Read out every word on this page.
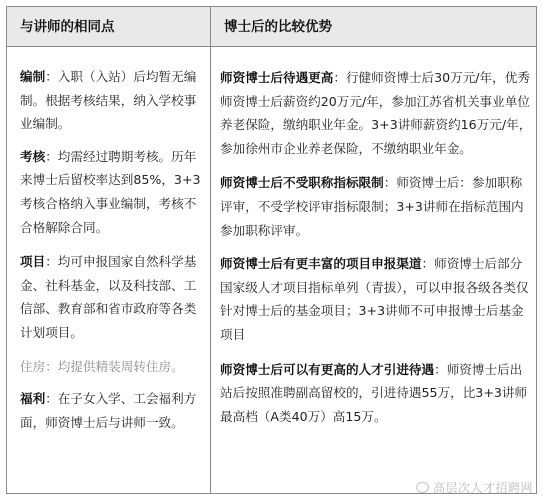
与讲师的相同点	博士后的比较优势

编制：入职（入站）后均暂无编制。根据考核结果，纳入学校事业编制。

考核：均需经过聘期考核。历年来博士后留校率达到85%，3+3考核合格纳入事业编制，考核不合格解除合同。

项目：均可申报国家自然科学基金、社科基金，以及科技部、工信部、教育部和省市政府等各类计划项目。

住房：均提供精装周转住房。

福利：在子女入学、工会福利方面，师资博士后与讲师一致。

师资博士后待遇更高：行健师资博士后30万元/年，优秀师资博士后薪资约20万元/年，参加江苏省机关事业单位养老保险，缴纳职业年金。3+3讲师薪资约16万元/年，参加徐州市企业养老保险，不缴纳职业年金。

师资博士后不受职称指标限制：师资博士后：参加职称评审，不受学校评审指标限制；3+3讲师在指标范围内参加职称评审。

师资博士后有更丰富的项目申报渠道：师资博士后部分国家级人才项目指标单列（青拔），可以申报各级各类仅针对博士后的基金项目；3+3讲师不可申报博士后基金项目

师资博士后可以有更高的人才引进待遇：师资博士后出站后按照准聘副高留校的，引进待遇55万，比3+3讲师最高档（A类40万）高15万。

高层次人才招聘网
